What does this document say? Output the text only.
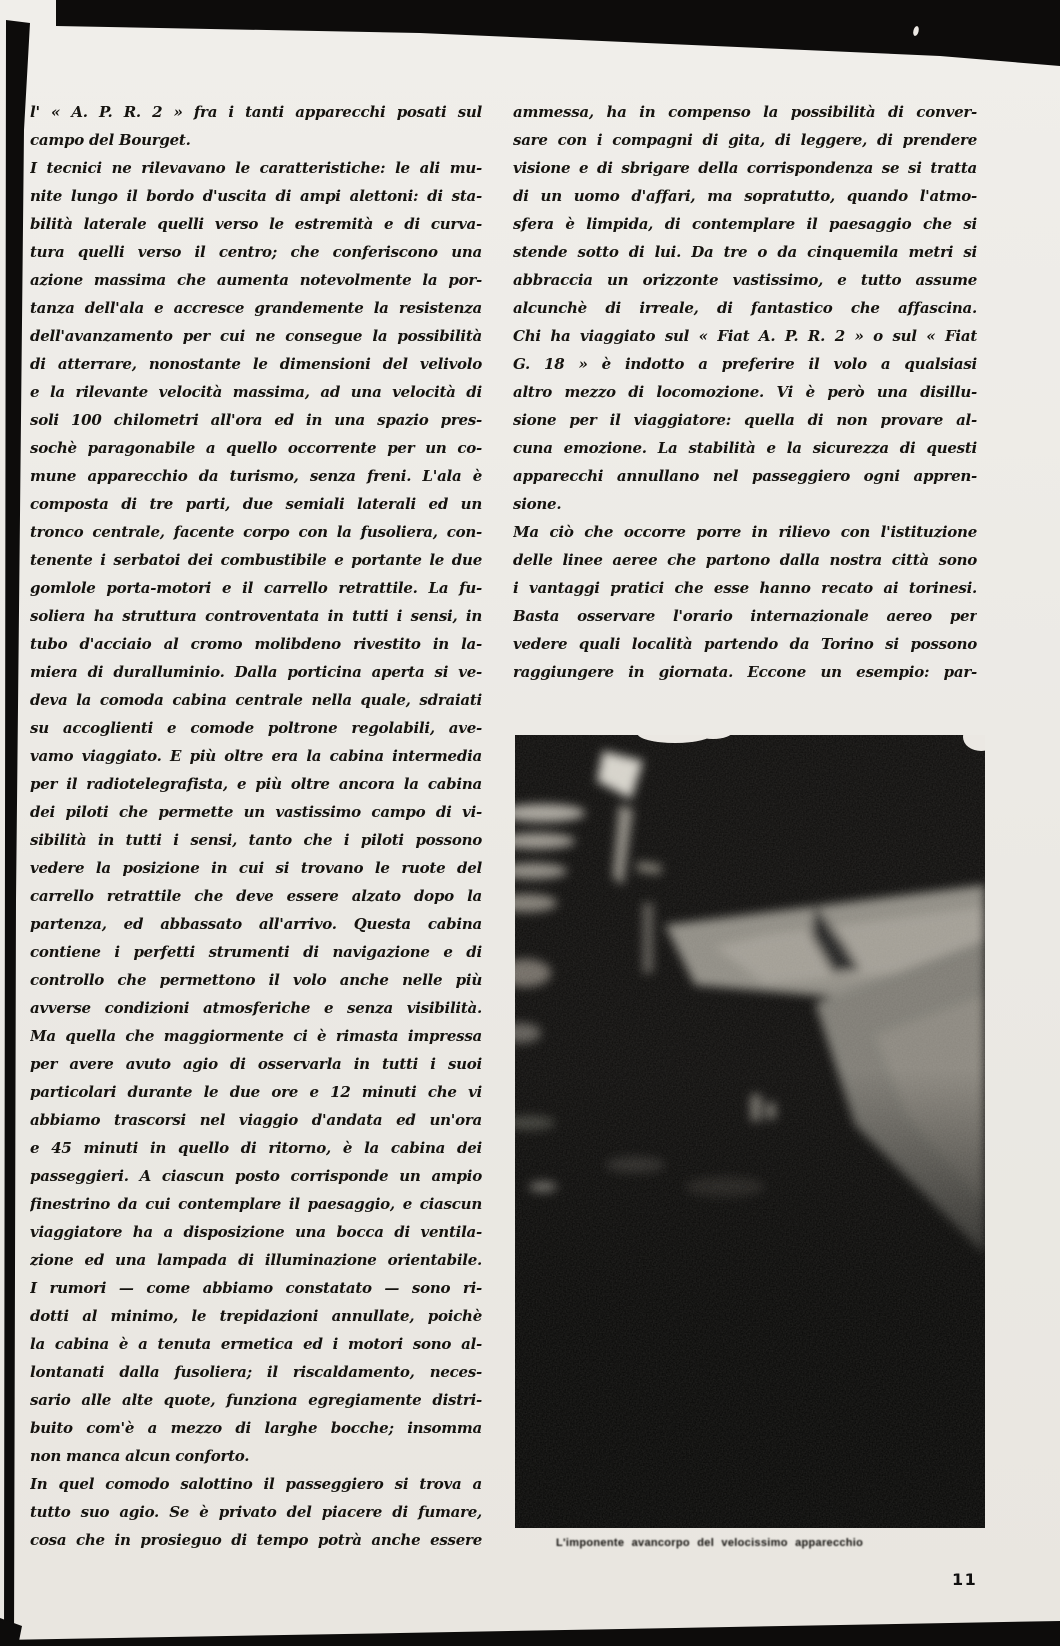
l' « A. P. R. 2 » fra i tanti apparecchi posati sul
campo del Bourget.
I tecnici ne rilevavano le caratteristiche: le ali mu-
nite lungo il bordo d'uscita di ampi alettoni: di sta-
bilità laterale quelli verso le estremità e di curva-
tura quelli verso il centro; che conferiscono una
azione massima che aumenta notevolmente la por-
tanza dell'ala e accresce grandemente la resistenza
dell'avanzamento per cui ne consegue la possibilità
di atterrare, nonostante le dimensioni del velivolo
e la rilevante velocità massima, ad una velocità di
soli 100 chilometri all'ora ed in una spazio pres-
sochè paragonabile a quello occorrente per un co-
mune apparecchio da turismo, senza freni. L'ala è
composta di tre parti, due semiali laterali ed un
tronco centrale, facente corpo con la fusoliera, con-
tenente i serbatoi dei combustibile e portante le due
gomlole porta-motori e il carrello retrattile. La fu-
soliera ha struttura controventata in tutti i sensi, in
tubo d'acciaio al cromo molibdeno rivestito in la-
miera di duralluminio. Dalla porticina aperta si ve-
deva la comoda cabina centrale nella quale, sdraiati
su accoglienti e comode poltrone regolabili, ave-
vamo viaggiato. E più oltre era la cabina intermedia
per il radiotelegrafista, e più oltre ancora la cabina
dei piloti che permette un vastissimo campo di vi-
sibilità in tutti i sensi, tanto che i piloti possono
vedere la posizione in cui si trovano le ruote del
carrello retrattile che deve essere alzato dopo la
partenza, ed abbassato all'arrivo. Questa cabina
contiene i perfetti strumenti di navigazione e di
controllo che permettono il volo anche nelle più
avverse condizioni atmosferiche e senza visibilità.
Ma quella che maggiormente ci è rimasta impressa
per avere avuto agio di osservarla in tutti i suoi
particolari durante le due ore e 12 minuti che vi
abbiamo trascorsi nel viaggio d'andata ed un'ora
e 45 minuti in quello di ritorno, è la cabina dei
passeggieri. A ciascun posto corrisponde un ampio
finestrino da cui contemplare il paesaggio, e ciascun
viaggiatore ha a disposizione una bocca di ventila-
zione ed una lampada di illuminazione orientabile.
I rumori — come abbiamo constatato — sono ri-
dotti al minimo, le trepidazioni annullate, poichè
la cabina è a tenuta ermetica ed i motori sono al-
lontanati dalla fusoliera; il riscaldamento, neces-
sario alle alte quote, funziona egregiamente distri-
buito com'è a mezzo di larghe bocche; insomma
non manca alcun conforto.
In quel comodo salottino il passeggiero si trova a
tutto suo agio. Se è privato del piacere di fumare,
cosa che in prosieguo di tempo potrà anche essere
ammessa, ha in compenso la possibilità di conver-
sare con i compagni di gita, di leggere, di prendere
visione e di sbrigare della corrispondenza se si tratta
di un uomo d'affari, ma sopratutto, quando l'atmo-
sfera è limpida, di contemplare il paesaggio che si
stende sotto di lui. Da tre o da cinquemila metri si
abbraccia un orizzonte vastissimo, e tutto assume
alcunchè di irreale, di fantastico che affascina.
Chi ha viaggiato sul « Fiat A. P. R. 2 » o sul « Fiat
G. 18 » è indotto a preferire il volo a qualsiasi
altro mezzo di locomozione. Vi è però una disillu-
sione per il viaggiatore: quella di non provare al-
cuna emozione. La stabilità e la sicurezza di questi
apparecchi annullano nel passeggiero ogni appren-
sione.
Ma ciò che occorre porre in rilievo con l'istituzione
delle linee aeree che partono dalla nostra città sono
i vantaggi pratici che esse hanno recato ai torinesi.
Basta osservare l'orario internazionale aereo per
vedere quali località partendo da Torino si possono
raggiungere in giornata. Eccone un esempio: par-
L'imponente avancorpo del velocissimo apparecchio
11
